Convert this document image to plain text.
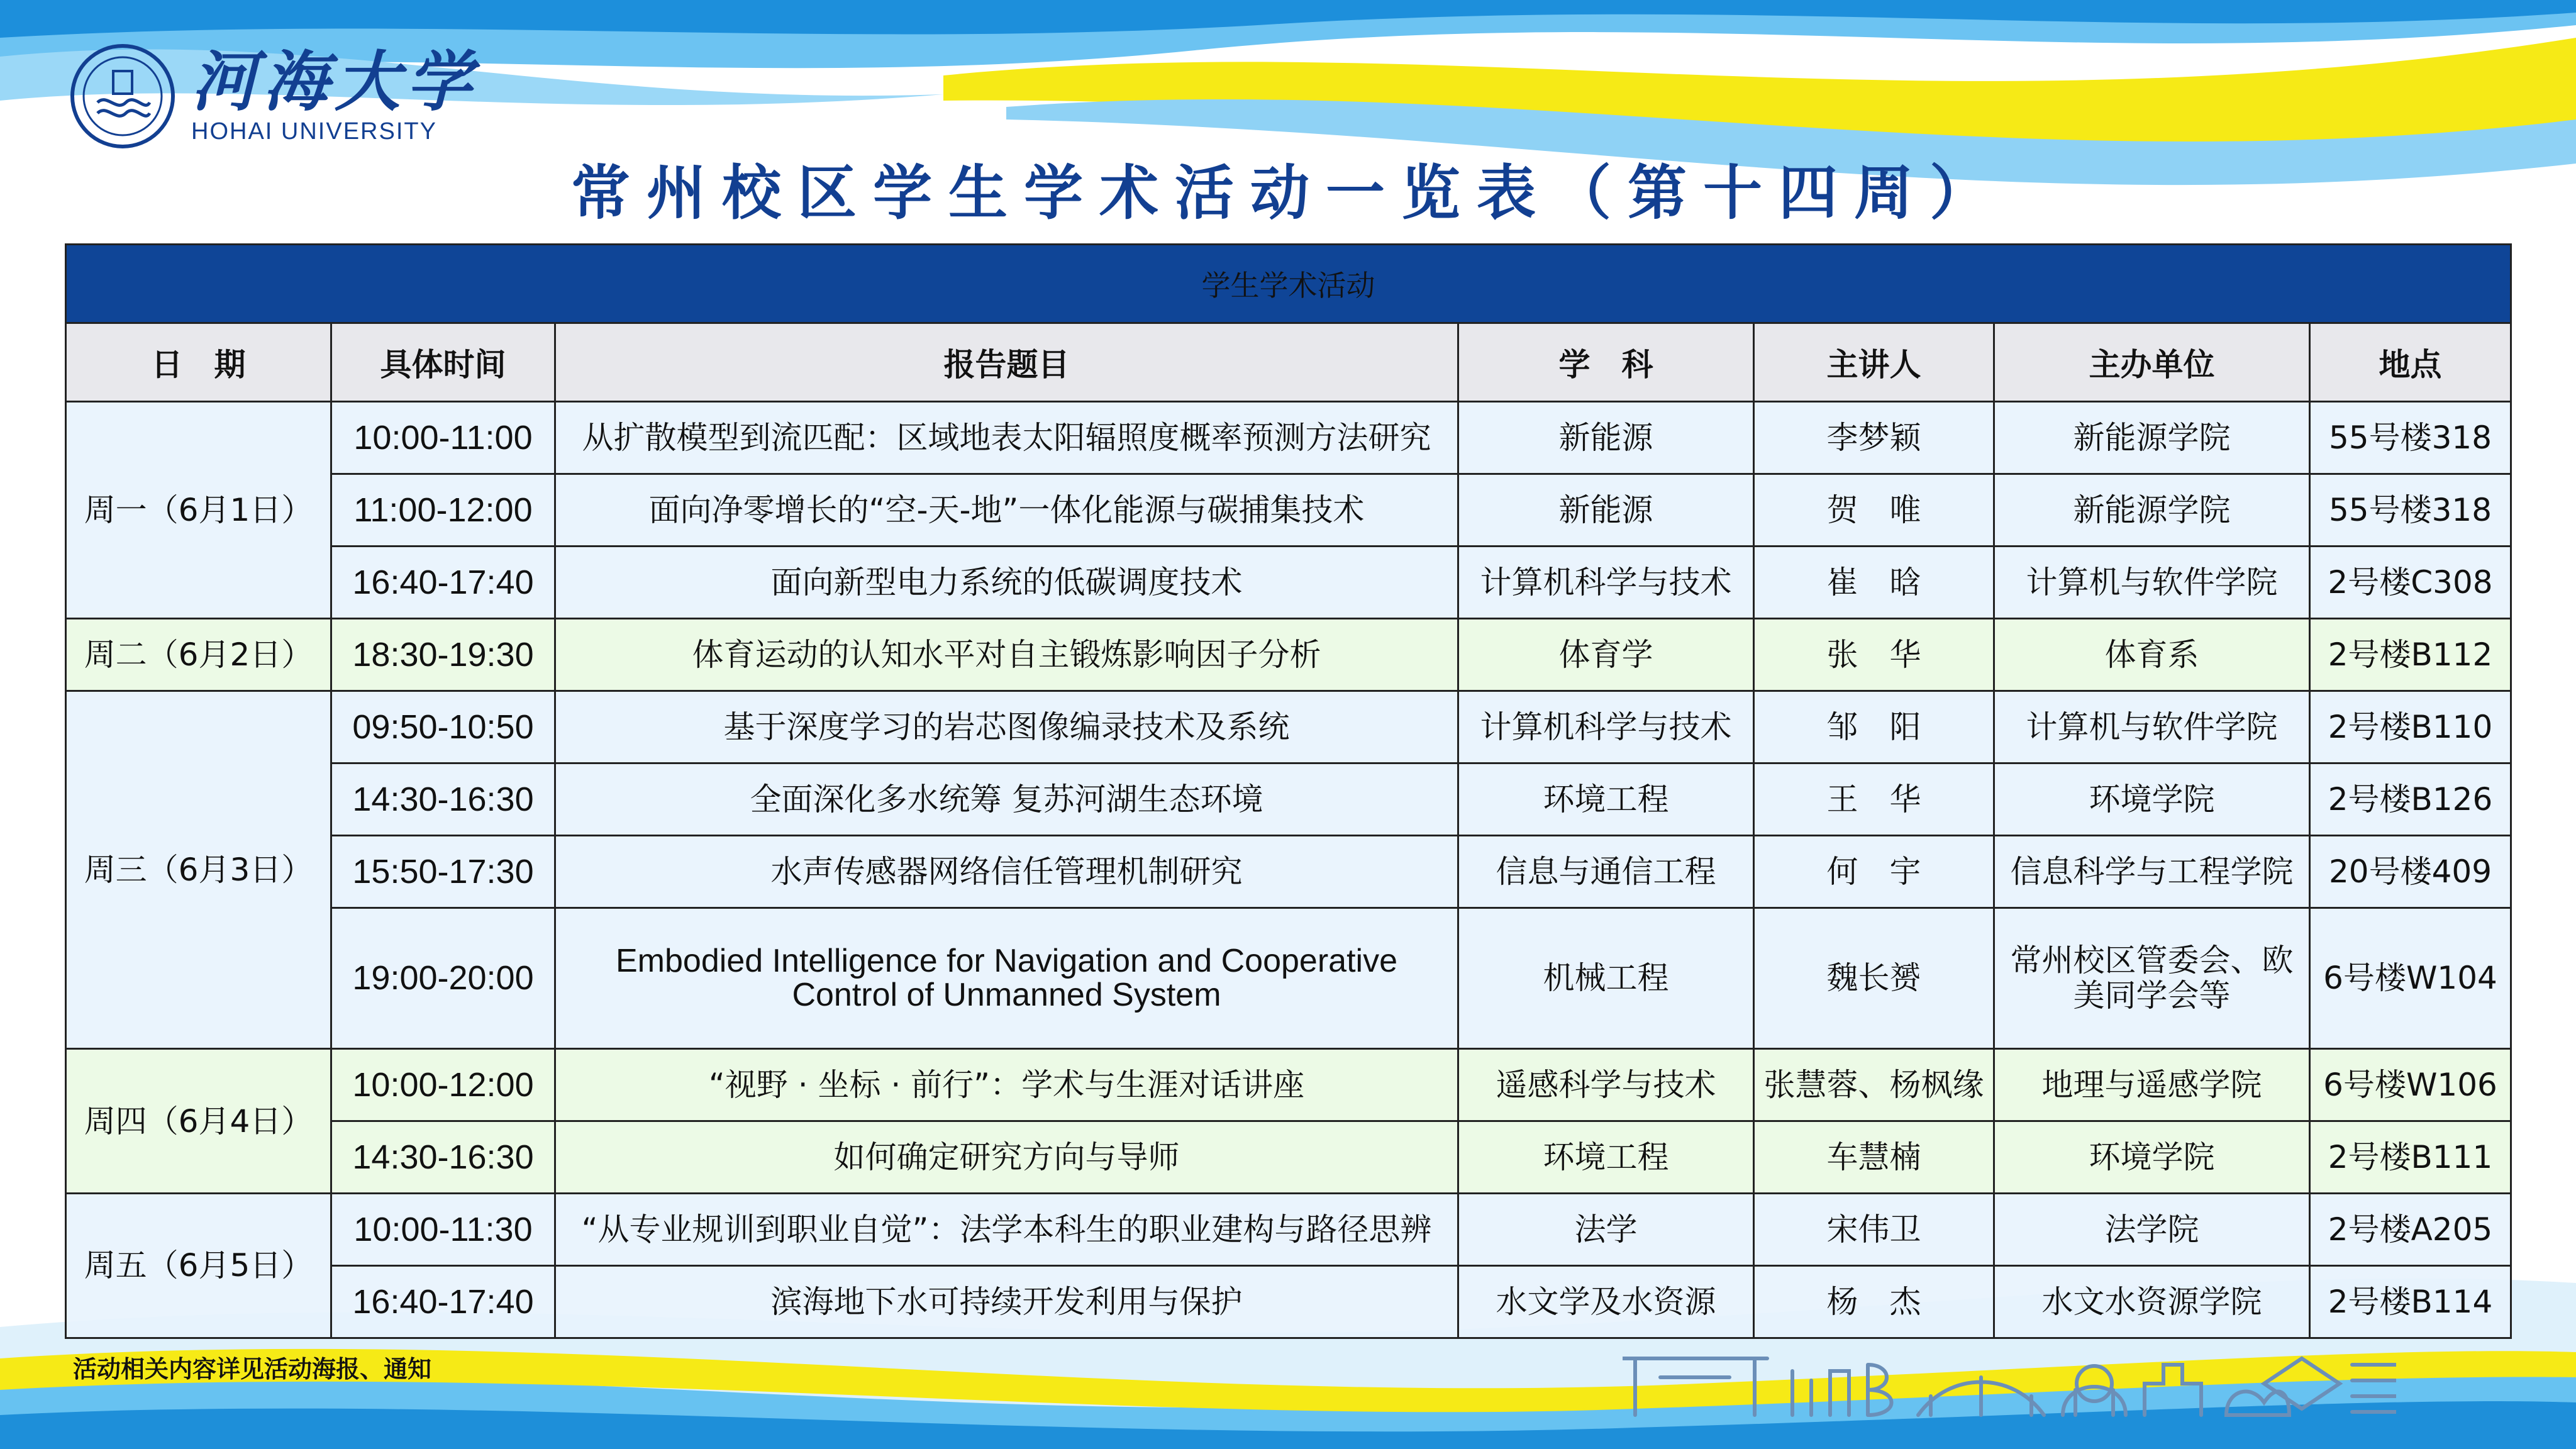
河海大学
HOHAI UNIVERSITY
常州校区学生学术活动一览表（第十四周）
学生学术活动						
日　期	具体时间	报告题目	学　科	主讲人	主办单位	地点
周一（6月1日）	10:00-11:00	从扩散模型到流匹配：区域地表太阳辐照度概率预测方法研究	新能源	李梦颖	新能源学院	55号楼318
	11:00-12:00	面向净零增长的“空-天-地”一体化能源与碳捕集技术	新能源	贺　唯	新能源学院	55号楼318
	16:40-17:40	面向新型电力系统的低碳调度技术	计算机科学与技术	崔　晗	计算机与软件学院	2号楼C308
周二（6月2日）	18:30-19:30	体育运动的认知水平对自主锻炼影响因子分析	体育学	张　华	体育系	2号楼B112
周三（6月3日）	09:50-10:50	基于深度学习的岩芯图像编录技术及系统	计算机科学与技术	邹　阳	计算机与软件学院	2号楼B110
	14:30-16:30	全面深化多水统筹 复苏河湖生态环境	环境工程	王　华	环境学院	2号楼B126
	15:50-17:30	水声传感器网络信任管理机制研究	信息与通信工程	何　宇	信息科学与工程学院	20号楼409
	19:00-20:00	Embodied Intelligence for Navigation and Cooperative Control of Unmanned System	机械工程	魏长赟	常州校区管委会、欧美同学会等	6号楼W104
周四（6月4日）	10:00-12:00	“视野 · 坐标 · 前行”：学术与生涯对话讲座	遥感科学与技术	张慧蓉、杨枫缘	地理与遥感学院	6号楼W106
	14:30-16:30	如何确定研究方向与导师	环境工程	车慧楠	环境学院	2号楼B111
周五（6月5日）	10:00-11:30	“从专业规训到职业自觉”：法学本科生的职业建构与路径思辨	法学	宋伟卫	法学院	2号楼A205
	16:40-17:40	滨海地下水可持续开发利用与保护	水文学及水资源	杨　杰	水文水资源学院	2号楼B114
活动相关内容详见活动海报、通知
